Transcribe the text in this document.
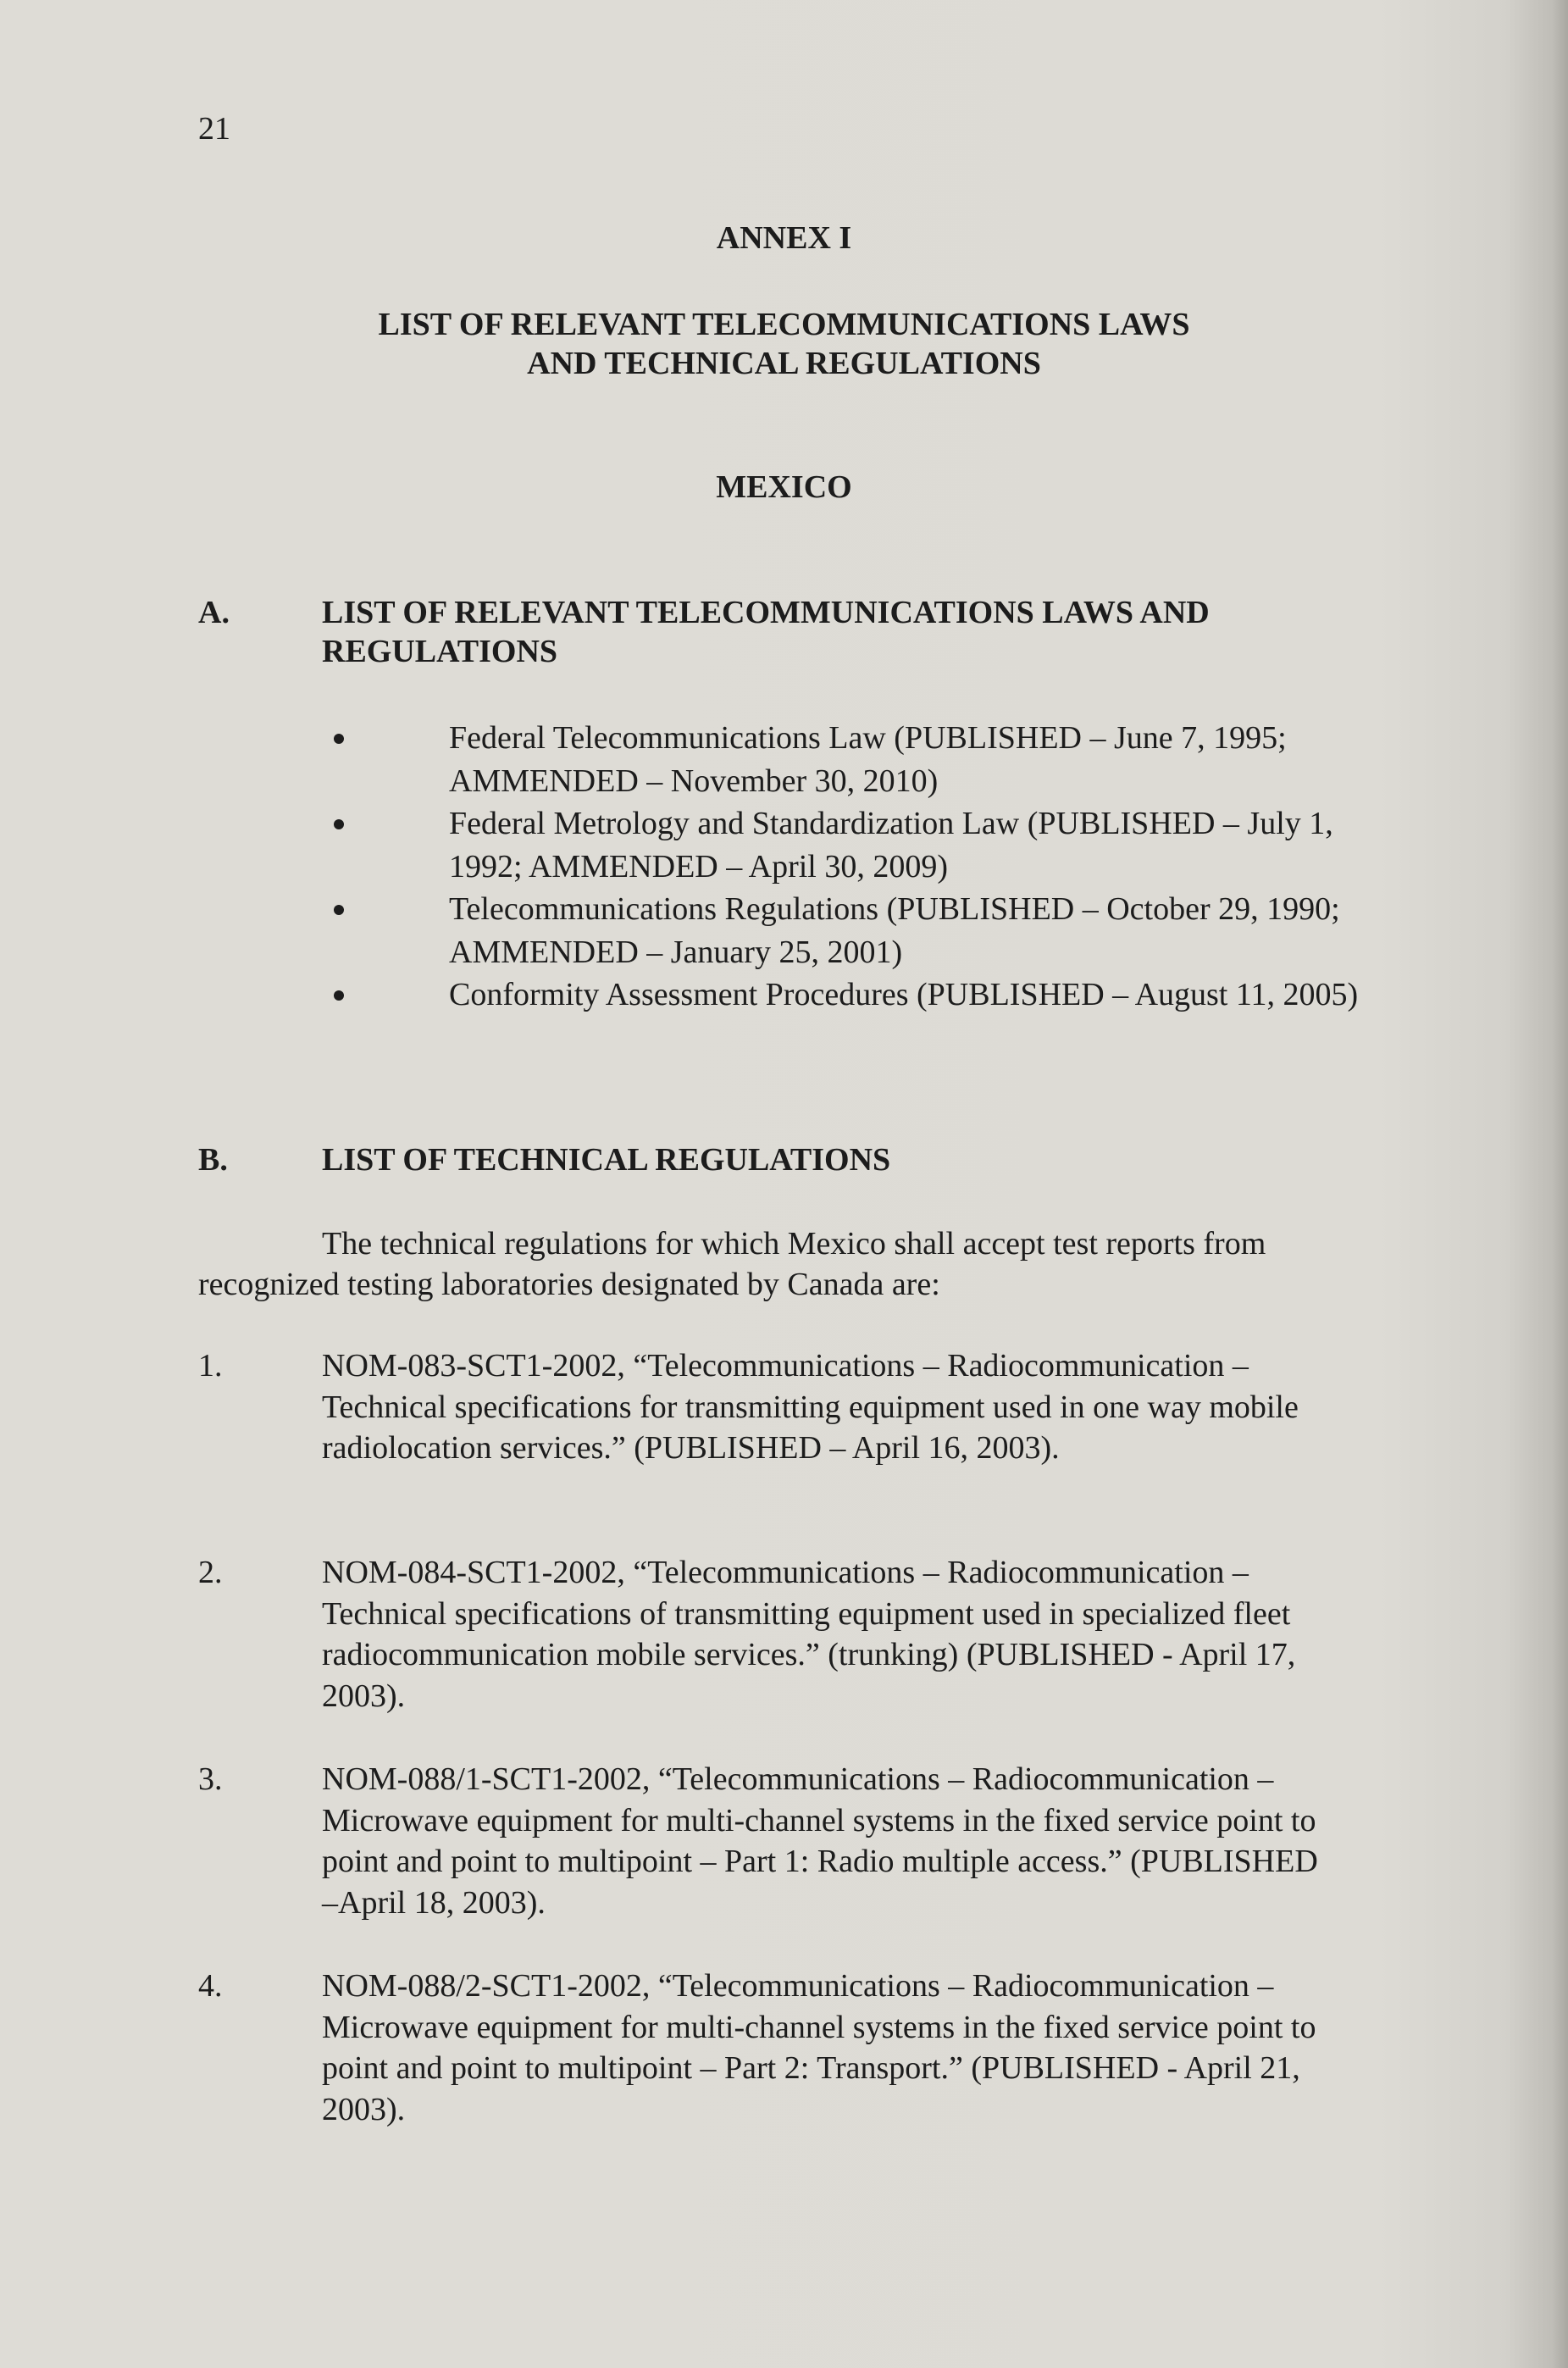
21
ANNEX I
LIST OF RELEVANT TELECOMMUNICATIONS LAWS
AND TECHNICAL REGULATIONS
MEXICO
A.	LIST OF RELEVANT TELECOMMUNICATIONS LAWS AND REGULATIONS
Federal Telecommunications Law (PUBLISHED – June 7, 1995; AMMENDED – November 30, 2010)
Federal Metrology and Standardization Law (PUBLISHED – July 1, 1992; AMMENDED – April 30, 2009)
Telecommunications Regulations (PUBLISHED – October 29, 1990; AMMENDED – January 25, 2001)
Conformity Assessment Procedures (PUBLISHED – August 11, 2005)
B.	LIST OF TECHNICAL REGULATIONS

The technical regulations for which Mexico shall accept test reports from recognized testing laboratories designated by Canada are:

1.	NOM-083-SCT1-2002, “Telecommunications – Radiocommunication – Technical specifications for transmitting equipment used in one way mobile radiolocation services.” (PUBLISHED – April 16, 2003).
2.	NOM-084-SCT1-2002, “Telecommunications – Radiocommunication – Technical specifications of transmitting equipment used in specialized fleet radiocommunication mobile services.” (trunking) (PUBLISHED - April 17, 2003).
3.	NOM-088/1-SCT1-2002, “Telecommunications – Radiocommunication – Microwave equipment for multi-channel systems in the fixed service point to point and point to multipoint – Part 1: Radio multiple access.” (PUBLISHED –April 18, 2003).
4.	NOM-088/2-SCT1-2002, “Telecommunications – Radiocommunication – Microwave equipment for multi-channel systems in the fixed service point to point and point to multipoint – Part 2: Transport.” (PUBLISHED - April 21, 2003).
